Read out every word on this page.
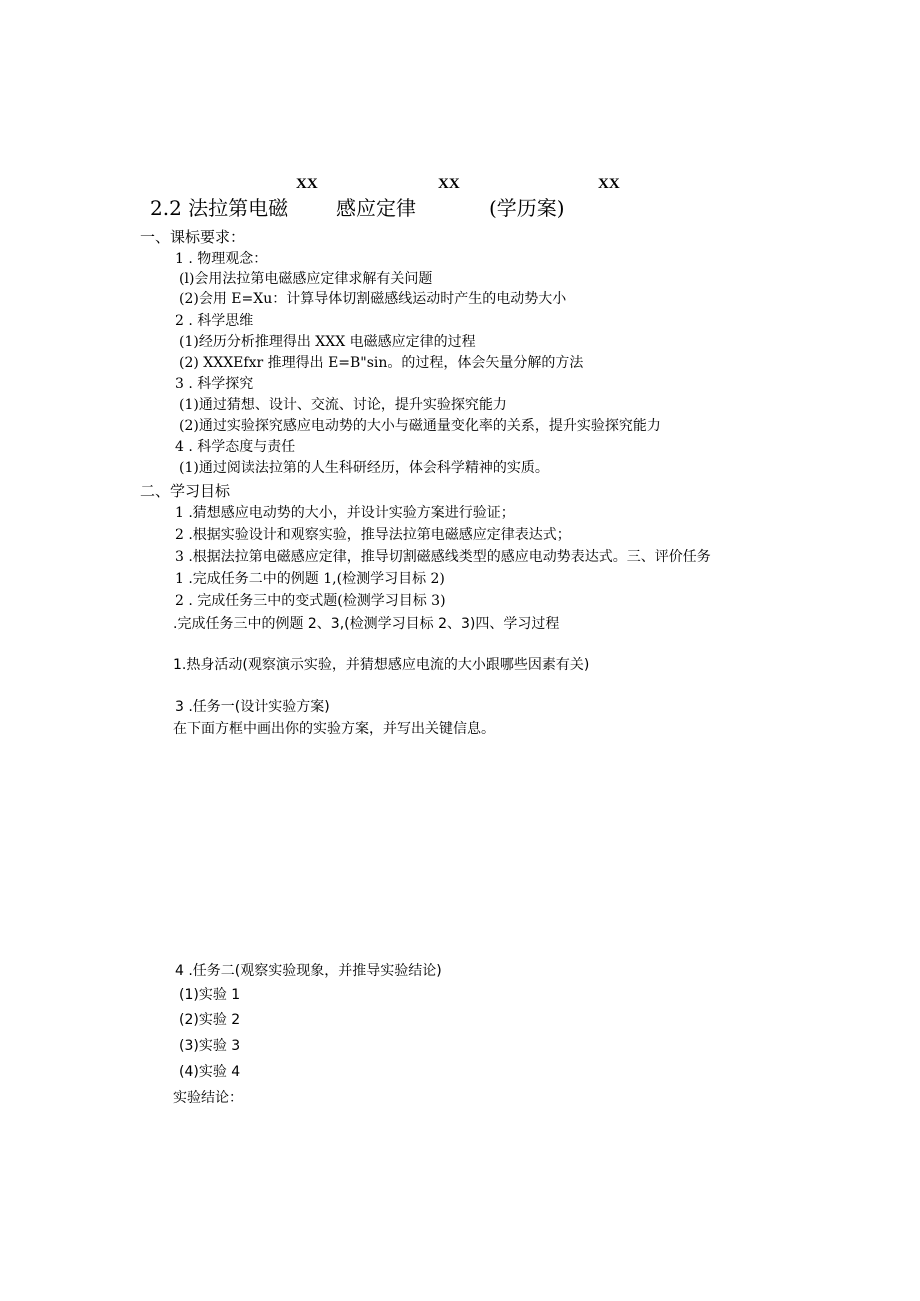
XX	XX	XX
2.2 法拉第电磁 感应定律	(学历案)
一、课标要求：
1 . 物理观念：
(l)会用法拉第电磁感应定律求解有关问题
(2)会用 E=Xu：计算导体切割磁感线运动时产生的电动势大小
2 . 科学思维
(1)经历分析推理得出 XXX 电磁感应定律的过程
(2) XXXEfxr 推理得出 E=B"sin。的过程，体会矢量分解的方法
3 . 科学探究
(1)通过猜想、设计、交流、讨论，提升实验探究能力
(2)通过实验探究感应电动势的大小与磁通量变化率的关系，提升实验探究能力
4 . 科学态度与责任
(1)通过阅读法拉第的人生科研经历，体会科学精神的实质。
二、学习目标
1 .猜想感应电动势的大小，并设计实验方案进行验证；
2 .根据实验设计和观察实验，推导法拉第电磁感应定律表达式；
3 .根据法拉第电磁感应定律，推导切割磁感线类型的感应电动势表达式。三、评价任务
1 .完成任务二中的例题 1,(检测学习目标 2)
2 . 完成任务三中的变式题(检测学习目标 3)
.完成任务三中的例题 2、3,(检测学习目标 2、3)四、学习过程
1.热身活动(观察演示实验，并猜想感应电流的大小跟哪些因素有关)
3 .任务一(设计实验方案)
在下面方框中画出你的实验方案，并写出关键信息。
4 .任务二(观察实验现象，并推导实验结论)
(1)实验 1
(2)实验 2
(3)实验 3
(4)实验 4
实验结论：
